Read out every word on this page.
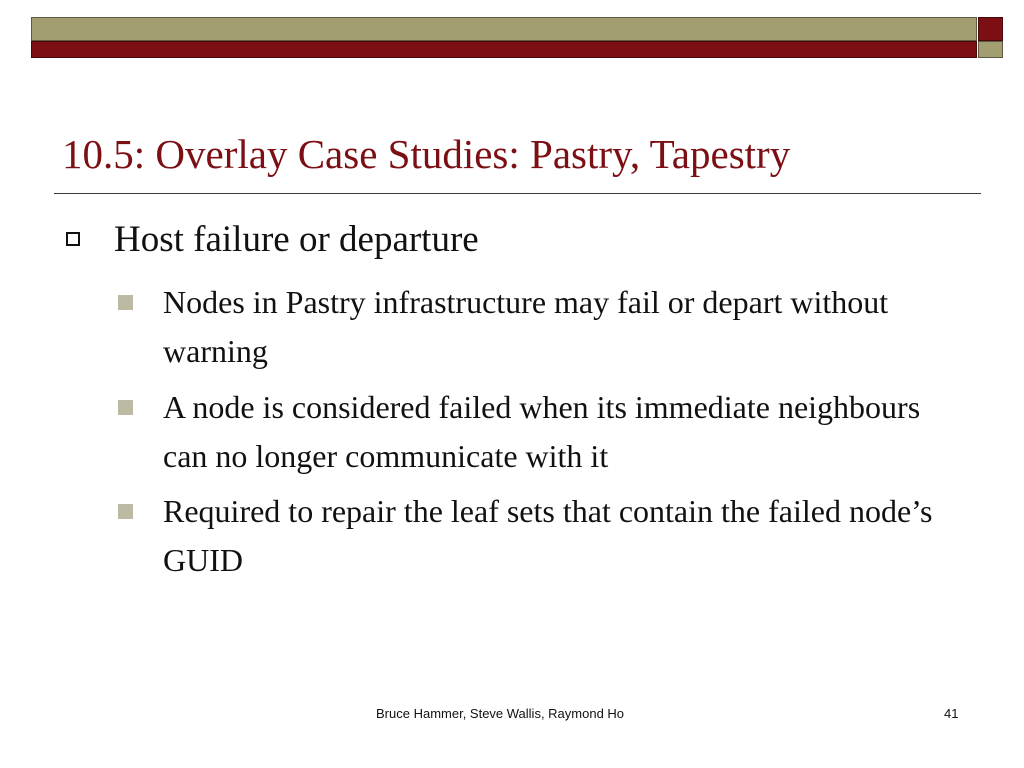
10.5: Overlay Case Studies: Pastry, Tapestry
Host failure or departure
Nodes in Pastry infrastructure may fail or depart without warning
A node is considered failed when its immediate neighbours can no longer communicate with it
Required to repair the leaf sets that contain the failed node’s GUID
Bruce Hammer, Steve Wallis, Raymond Ho	41
